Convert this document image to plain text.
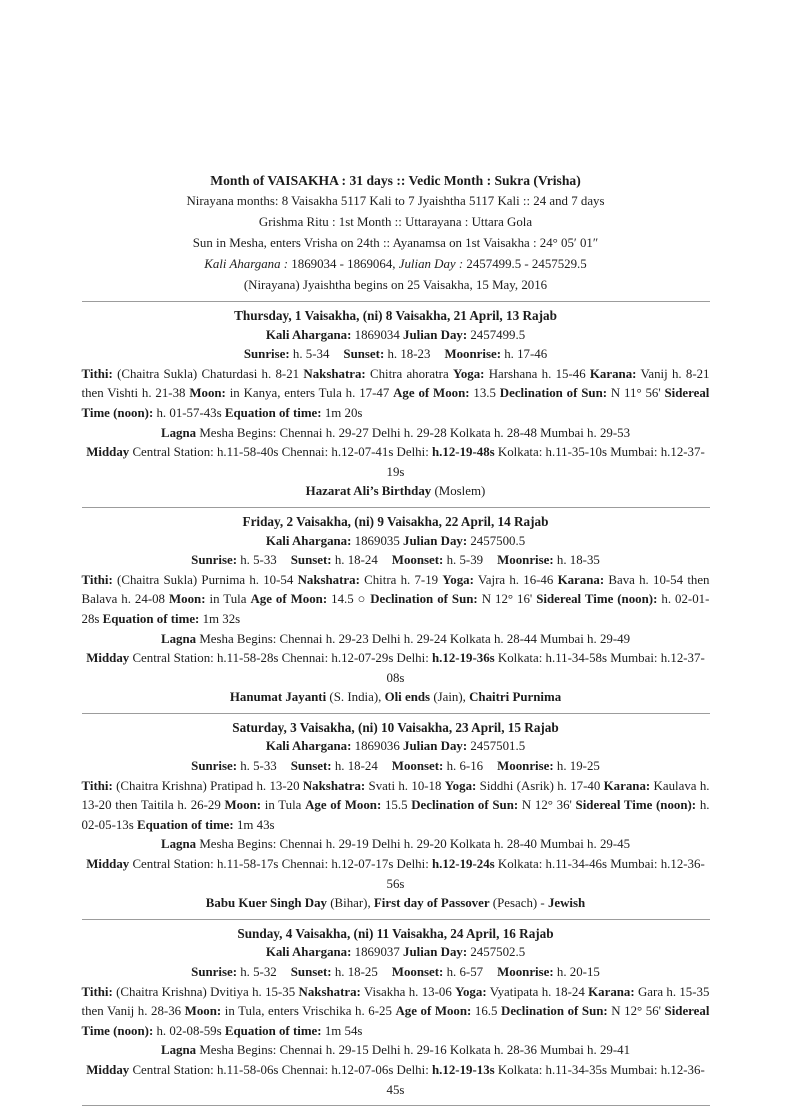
Month of VAISAKHA : 31 days :: Vedic Month : Sukra (Vrisha)
Nirayana months: 8 Vaisakha 5117 Kali to 7 Jyaishtha 5117 Kali :: 24 and 7 days
Grishma Ritu : 1st Month :: Uttarayana : Uttara Gola
Sun in Mesha, enters Vrisha on 24th :: Ayanamsa on 1st Vaisakha : 24° 05′ 01″
Kali Ahargana : 1869034 - 1869064, Julian Day : 2457499.5 - 2457529.5
(Nirayana) Jyaishtha begins on 25 Vaisakha, 15 May, 2016
Thursday, 1 Vaisakha, (ni) 8 Vaisakha, 21 April, 13 Rajab
Kali Ahargana: 1869034 Julian Day: 2457499.5
Sunrise: h. 5-34 Sunset: h. 18-23 Moonrise: h. 17-46
Tithi: (Chaitra Sukla) Chaturdasi h. 8-21 Nakshatra: Chitra ahoratra Yoga: Harshana h. 15-46 Karana: Vanij h. 8-21 then Vishti h. 21-38 Moon: in Kanya, enters Tula h. 17-47 Age of Moon: 13.5 Declination of Sun: N 11° 56' Sidereal Time (noon): h. 01-57-43s Equation of time: 1m 20s
Lagna Mesha Begins: Chennai h. 29-27 Delhi h. 29-28 Kolkata h. 28-48 Mumbai h. 29-53
Midday Central Station: h.11-58-40s Chennai: h.12-07-41s Delhi: h.12-19-48s Kolkata: h.11-35-10s Mumbai: h.12-37-19s
Hazarat Ali’s Birthday (Moslem)
Friday, 2 Vaisakha, (ni) 9 Vaisakha, 22 April, 14 Rajab
Kali Ahargana: 1869035 Julian Day: 2457500.5
Sunrise: h. 5-33 Sunset: h. 18-24 Moonset: h. 5-39 Moonrise: h. 18-35
Tithi: (Chaitra Sukla) Purnima h. 10-54 Nakshatra: Chitra h. 7-19 Yoga: Vajra h. 16-46 Karana: Bava h. 10-54 then Balava h. 24-08 Moon: in Tula Age of Moon: 14.5 ○ Declination of Sun: N 12° 16' Sidereal Time (noon): h. 02-01-28s Equation of time: 1m 32s
Lagna Mesha Begins: Chennai h. 29-23 Delhi h. 29-24 Kolkata h. 28-44 Mumbai h. 29-49
Midday Central Station: h.11-58-28s Chennai: h.12-07-29s Delhi: h.12-19-36s Kolkata: h.11-34-58s Mumbai: h.12-37-08s
Hanumat Jayanti (S. India), Oli ends (Jain), Chaitri Purnima
Saturday, 3 Vaisakha, (ni) 10 Vaisakha, 23 April, 15 Rajab
Kali Ahargana: 1869036 Julian Day: 2457501.5
Sunrise: h. 5-33 Sunset: h. 18-24 Moonset: h. 6-16 Moonrise: h. 19-25
Tithi: (Chaitra Krishna) Pratipad h. 13-20 Nakshatra: Svati h. 10-18 Yoga: Siddhi (Asrik) h. 17-40 Karana: Kaulava h. 13-20 then Taitila h. 26-29 Moon: in Tula Age of Moon: 15.5 Declination of Sun: N 12° 36' Sidereal Time (noon): h. 02-05-13s Equation of time: 1m 43s
Lagna Mesha Begins: Chennai h. 29-19 Delhi h. 29-20 Kolkata h. 28-40 Mumbai h. 29-45
Midday Central Station: h.11-58-17s Chennai: h.12-07-17s Delhi: h.12-19-24s Kolkata: h.11-34-46s Mumbai: h.12-36-56s
Babu Kuer Singh Day (Bihar), First day of Passover (Pesach) - Jewish
Sunday, 4 Vaisakha, (ni) 11 Vaisakha, 24 April, 16 Rajab
Kali Ahargana: 1869037 Julian Day: 2457502.5
Sunrise: h. 5-32 Sunset: h. 18-25 Moonset: h. 6-57 Moonrise: h. 20-15
Tithi: (Chaitra Krishna) Dvitiya h. 15-35 Nakshatra: Visakha h. 13-06 Yoga: Vyatipata h. 18-24 Karana: Gara h. 15-35 then Vanij h. 28-36 Moon: in Tula, enters Vrischika h. 6-25 Age of Moon: 16.5 Declination of Sun: N 12° 56' Sidereal Time (noon): h. 02-08-59s Equation of time: 1m 54s
Lagna Mesha Begins: Chennai h. 29-15 Delhi h. 29-16 Kolkata h. 28-36 Mumbai h. 29-41
Midday Central Station: h.11-58-06s Chennai: h.12-07-06s Delhi: h.12-19-13s Kolkata: h.11-34-35s Mumbai: h.12-36-45s
